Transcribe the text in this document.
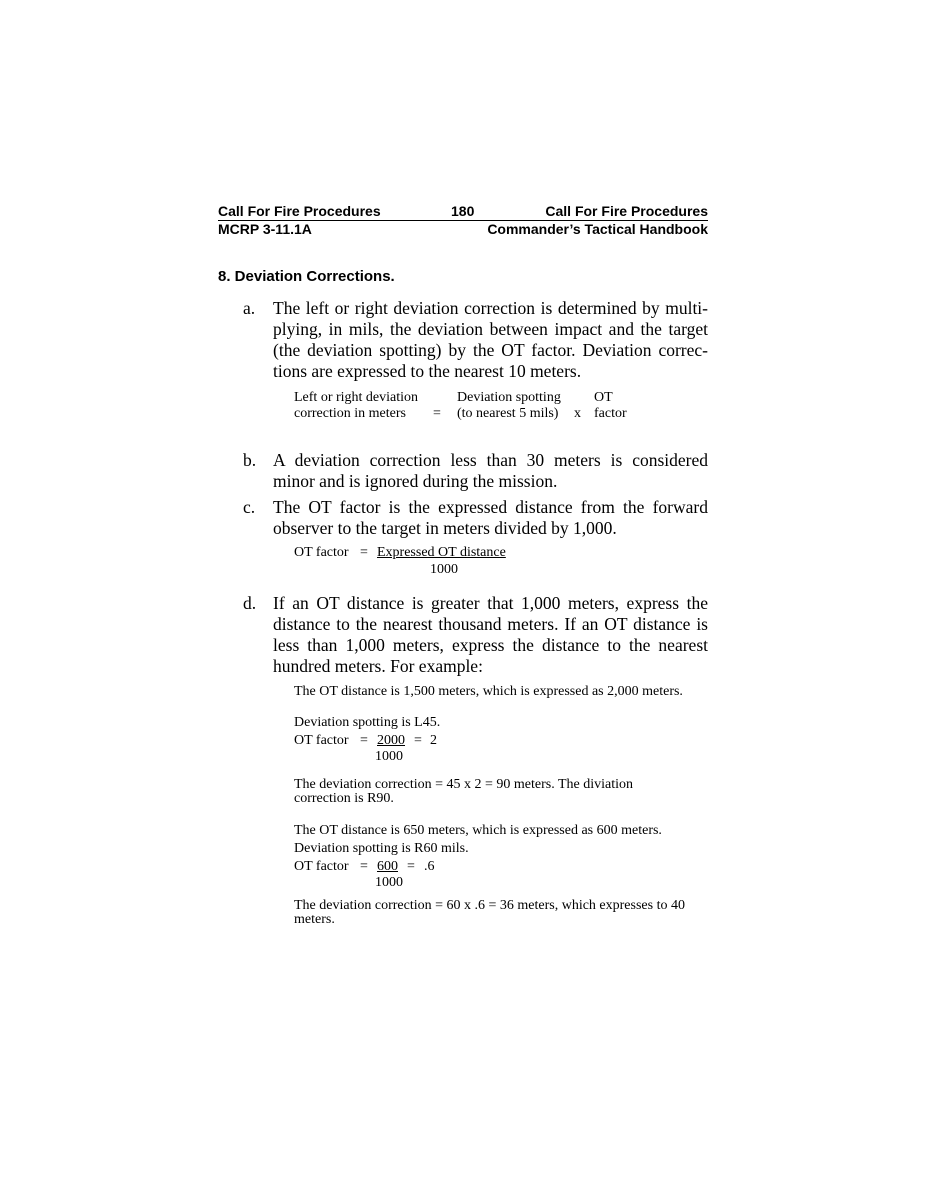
Call For Fire Procedures	180	Call For Fire Procedures
MCRP 3-11.1A	Commander’s Tactical Handbook
8. Deviation Corrections.
a. The left or right deviation correction is determined by multi-plying, in mils, the deviation between impact and the target (the deviation spotting) by the OT factor. Deviation correc-tions are expressed to the nearest 10 meters.
Left or right deviation
correction in meters =
Deviation spotting
(to nearest 5 mils) x
OT
factor
b. A deviation correction less than 30 meters is considered minor and is ignored during the mission.
c. The OT factor is the expressed distance from the forward observer to the target in meters divided by 1,000.
OT factor = Expressed OT distance
1000
d. If an OT distance is greater that 1,000 meters, express the distance to the nearest thousand meters. If an OT distance is less than 1,000 meters, express the distance to the nearest hundred meters. For example:
The OT distance is 1,500 meters, which is expressed as 2,000 meters.
Deviation spotting is L45.
OT factor = 2000 = 2
1000
The deviation correction = 45 x 2 = 90 meters. The diviation correction is R90.
The OT distance is 650 meters, which is expressed as 600 meters.
Deviation spotting is R60 mils.
OT factor = 600 = .6
1000
The deviation correction = 60 x .6 = 36 meters, which expresses to 40 meters.
